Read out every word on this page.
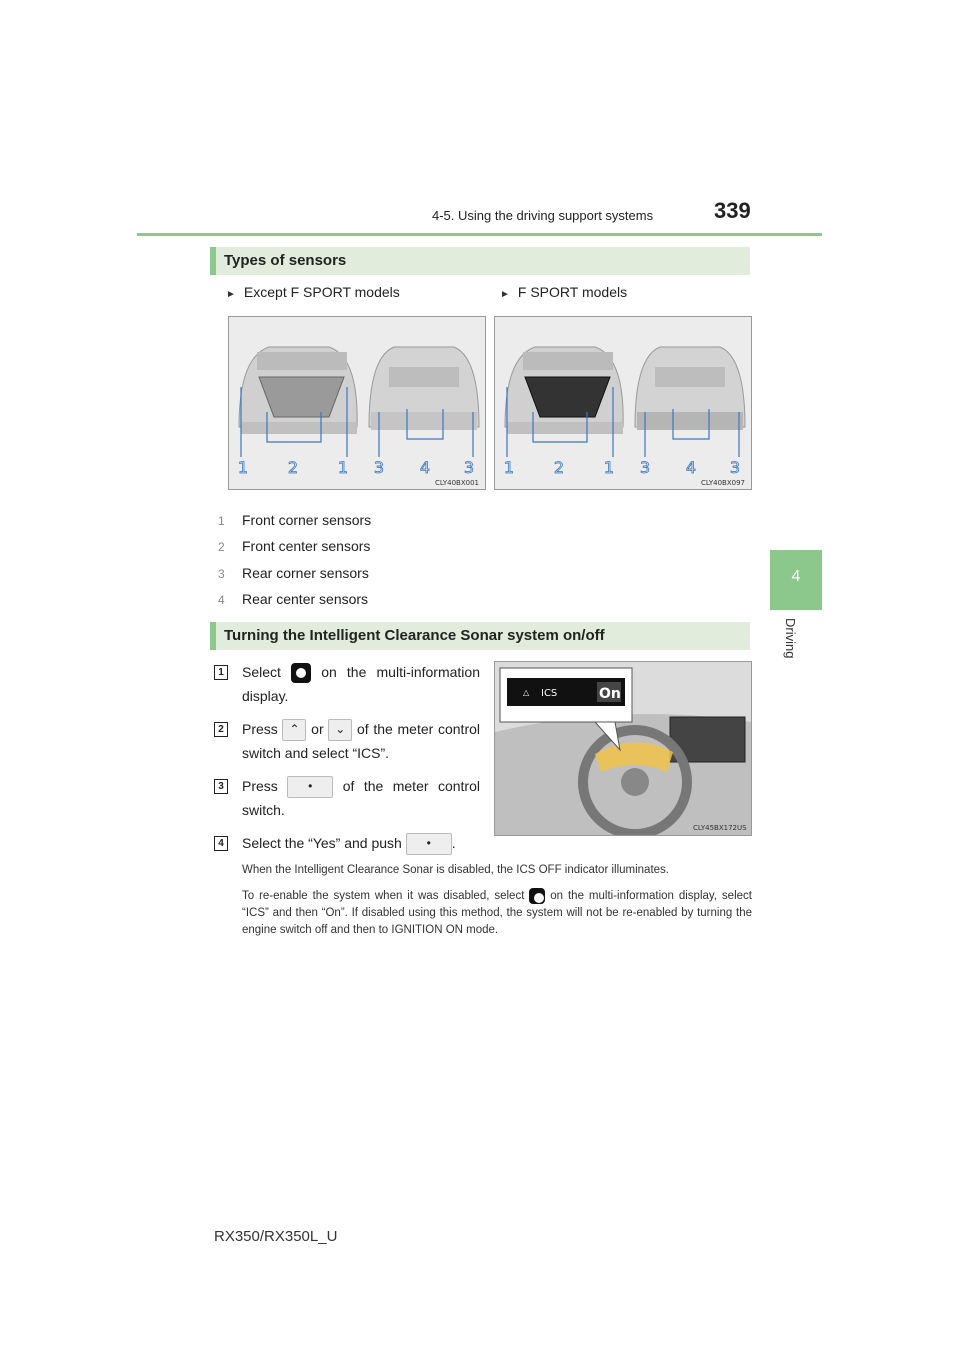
4-5. Using the driving support systems	339
4
Driving
Types of sensors
► Except F SPORT models	► F SPORT models
1 2 1 3 4 3
CLY40BX001
1 2 1 3 4 3
CLY40BX097
1 Front corner sensors
2 Front center sensors
3 Rear corner sensors
4 Rear center sensors
Turning the Intelligent Clearance Sonar system on/off
1	Select	on the multi-information display.
2	Press ⌃ or ⌄ of the meter control switch and select “ICS”.
3	Press	• of the meter control switch.
4	Select the “Yes” and push • .
△ ICS	On
CLY45BX172US
When the Intelligent Clearance Sonar is disabled, the ICS OFF indicator illuminates.
To re-enable the system when it was disabled, select on the multi-information display, select “ICS” and then “On”. If disabled using this method, the system will not be re-enabled by turning the engine switch off and then to IGNITION ON mode.
RX350/RX350L_U
